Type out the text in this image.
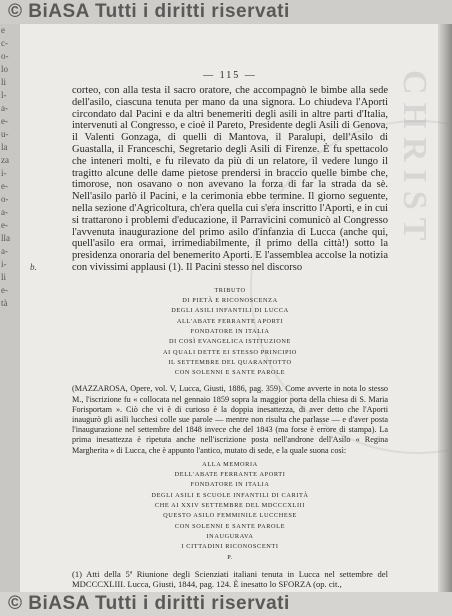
© BiASA Tutti i diritti riservati
e
c-
o-
lo
li
l-
a-
e-
u-
la
za
i-
e-
o-
a-
e-
lla
a-
i-
li
e-
tà
CHRIST
b.
— 115 —

corteo, con alla testa il sacro oratore, che accompagnò le bimbe alla sede dell'asilo, ciascuna tenuta per mano da una signora. Lo chiudeva l'Aporti circondato dal Pacini e da altri benemeriti degli asili in altre parti d'Italia, intervenuti al Congresso, e cioè il Pareto, Presidente degli Asili di Genova, il Valenti Gonzaga, di quelli di Mantova, il Paralupi, dell'Asilo di Guastalla, il Franceschi, Segretario degli Asili di Firenze. È fu spettacolo che inteneri molti, e fu rilevato da più di un relatore, il vedere lungo il tragitto alcune delle dame pietose prendersi in braccio quelle bimbe che, timorose, non osavano o non avevano la forza di far la strada da sè. Nell'asilo parlò il Pacini, e la cerimonia ebbe termine. Il giorno seguente, nella sezione d'Agricoltura, ch'era quella cui s'era inscritto l'Aporti, e in cui si trattarono i problemi d'educazione, il Parravicini comunicò al Congresso l'avvenuta inaugurazione del primo asilo d'infanzia di Lucca (anche qui, quell'asilo era ormai, irrimediabilmente, il primo della città!) sotto la presidenza onoraria del benemerito Aporti. E l'assemblea accolse la notizia con vivissimi applausi (1). Il Pacini stesso nel discorso

TRIBUTO
DI PIETÀ E RICONOSCENZA
DEGLI ASILI INFANTILI DI LUCCA
ALL'ABATE FERRANTE APORTI
FONDATORE IN ITALIA
DI COSÌ EVANGELICA ISTITUZIONE
AI QUALI DETTE EI STESSO PRINCIPIO
IL SETTEMBRE DEL QUARANTOTTO
CON SOLENNI E SANTE PAROLE

(MAZZAROSA, Opere, vol. V, Lucca, Giusti, 1886, pag. 359). Come avverte in nota lo stesso M., l'iscrizione fu « collocata nel gennaio 1859 sopra la maggior porta della chiesa di S. Maria Forisportam ». Ciò che vi è di curioso è la doppia inesattezza, di aver detto che l'Aporti inaugurò gli asili lucchesi colle sue parole — mentre non risulta che parlasse — e d'aver posta l'inaugurazione nel settembre del 1848 invece che del 1843 (ma forse è errore di stampa). La prima inesattezza è ripetuta anche nell'iscrizione posta nell'androne dell'Asilo « Regina Margherita » di Lucca, che è appunto l'antico, mutato di sede, e la quale suona così:

ALLA MEMORIA
DELL'ABATE FERRANTE APORTI
FONDATORE IN ITALIA
DEGLI ASILI E SCUOLE INFANTILI DI CARITÀ
CHE AI XXIV SETTEMBRE DEL MDCCCXLIII
QUESTO ASILO FEMMINILE LUCCHESE
CON SOLENNI E SANTE PAROLE
INAUGURAVA
I CITTADINI RICONOSCENTI
P.

(1) Atti della 5ª Riunione degli Scienziati italiani tenuta in Lucca nel settembre del MDCCCXLIII. Lucca, Giusti, 1844, pag. 124. È inesatto lo SFORZA (op. cit.,

© BiASA Tutti i diritti riservati
